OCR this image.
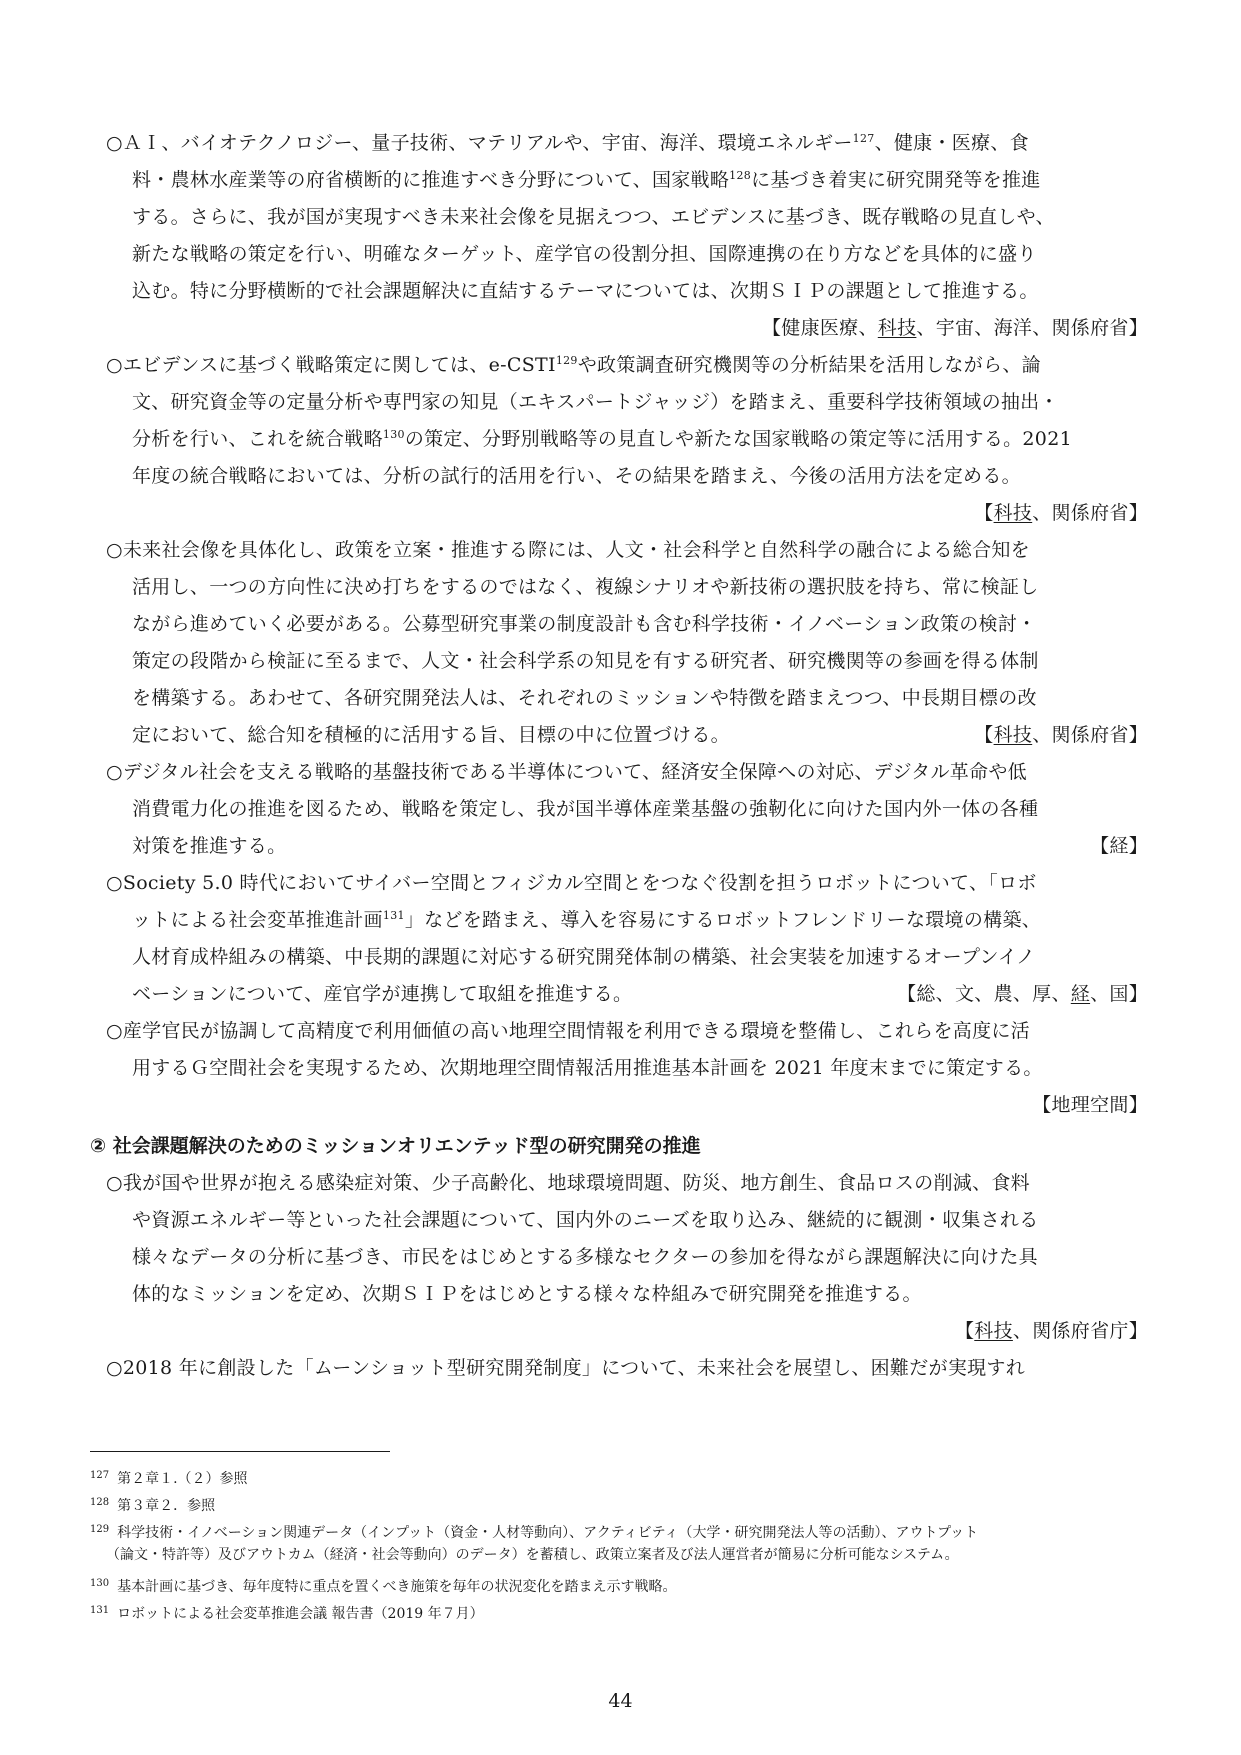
○ＡＩ、バイオテクノロジー、量子技術、マテリアルや、宇宙、海洋、環境エネルギー$^{127}$、健康・医療、食
料・農林水産業等の府省横断的に推進すべき分野について、国家戦略$^{128}$に基づき着実に研究開発等を推進
する。さらに、我が国が実現すべき未来社会像を見据えつつ、エビデンスに基づき、既存戦略の見直しや、
新たな戦略の策定を行い、明確なターゲット、産学官の役割分担、国際連携の在り方などを具体的に盛り
込む。特に分野横断的で社会課題解決に直結するテーマについては、次期ＳＩＰの課題として推進する。
【健康医療、科技、宇宙、海洋、関係府省】
○エビデンスに基づく戦略策定に関しては、e-CSTI$^{129}$や政策調査研究機関等の分析結果を活用しながら、論
文、研究資金等の定量分析や専門家の知見（エキスパートジャッジ）を踏まえ、重要科学技術領域の抽出・
分析を行い、これを統合戦略$^{130}$の策定、分野別戦略等の見直しや新たな国家戦略の策定等に活用する。2021
年度の統合戦略においては、分析の試行的活用を行い、その結果を踏まえ、今後の活用方法を定める。
【科技、関係府省】
○未来社会像を具体化し、政策を立案・推進する際には、人文・社会科学と自然科学の融合による総合知を
活用し、一つの方向性に決め打ちをするのではなく、複線シナリオや新技術の選択肢を持ち、常に検証し
ながら進めていく必要がある。公募型研究事業の制度設計も含む科学技術・イノベーション政策の検討・
策定の段階から検証に至るまで、人文・社会科学系の知見を有する研究者、研究機関等の参画を得る体制
を構築する。あわせて、各研究開発法人は、それぞれのミッションや特徴を踏まえつつ、中長期目標の改
定において、総合知を積極的に活用する旨、目標の中に位置づける。	【科技、関係府省】
○デジタル社会を支える戦略的基盤技術である半導体について、経済安全保障への対応、デジタル革命や低
消費電力化の推進を図るため、戦略を策定し、我が国半導体産業基盤の強靭化に向けた国内外一体の各種
対策を推進する。	【経】
○Society 5.0 時代においてサイバー空間とフィジカル空間とをつなぐ役割を担うロボットについて、「ロボ
ットによる社会変革推進計画$^{131}$」などを踏まえ、導入を容易にするロボットフレンドリーな環境の構築、
人材育成枠組みの構築、中長期的課題に対応する研究開発体制の構築、社会実装を加速するオープンイノ
ベーションについて、産官学が連携して取組を推進する。	【総、文、農、厚、経、国】
○産学官民が協調して高精度で利用価値の高い地理空間情報を利用できる環境を整備し、これらを高度に活
用するＧ空間社会を実現するため、次期地理空間情報活用推進基本計画を 2021 年度末までに策定する。
【地理空間】
② 社会課題解決のためのミッションオリエンテッド型の研究開発の推進
○我が国や世界が抱える感染症対策、少子高齢化、地球環境問題、防災、地方創生、食品ロスの削減、食料
や資源エネルギー等といった社会課題について、国内外のニーズを取り込み、継続的に観測・収集される
様々なデータの分析に基づき、市民をはじめとする多様なセクターの参加を得ながら課題解決に向けた具
体的なミッションを定め、次期ＳＩＰをはじめとする様々な枠組みで研究開発を推進する。
【科技、関係府省庁】
○2018 年に創設した「ムーンショット型研究開発制度」について、未来社会を展望し、困難だが実現すれ
$^{127}$ 第２章１.（２）参照
$^{128}$ 第３章２．参照
$^{129}$ 科学技術・イノベーション関連データ（インプット（資金・人材等動向）、アクティビティ（大学・研究開発法人等の活動）、アウトプット
（論文・特許等）及びアウトカム（経済・社会等動向）のデータ）を蓄積し、政策立案者及び法人運営者が簡易に分析可能なシステム。
$^{130}$ 基本計画に基づき、毎年度特に重点を置くべき施策を毎年の状況変化を踏まえ示す戦略。
$^{131}$ ロボットによる社会変革推進会議 報告書（2019 年７月）
44
